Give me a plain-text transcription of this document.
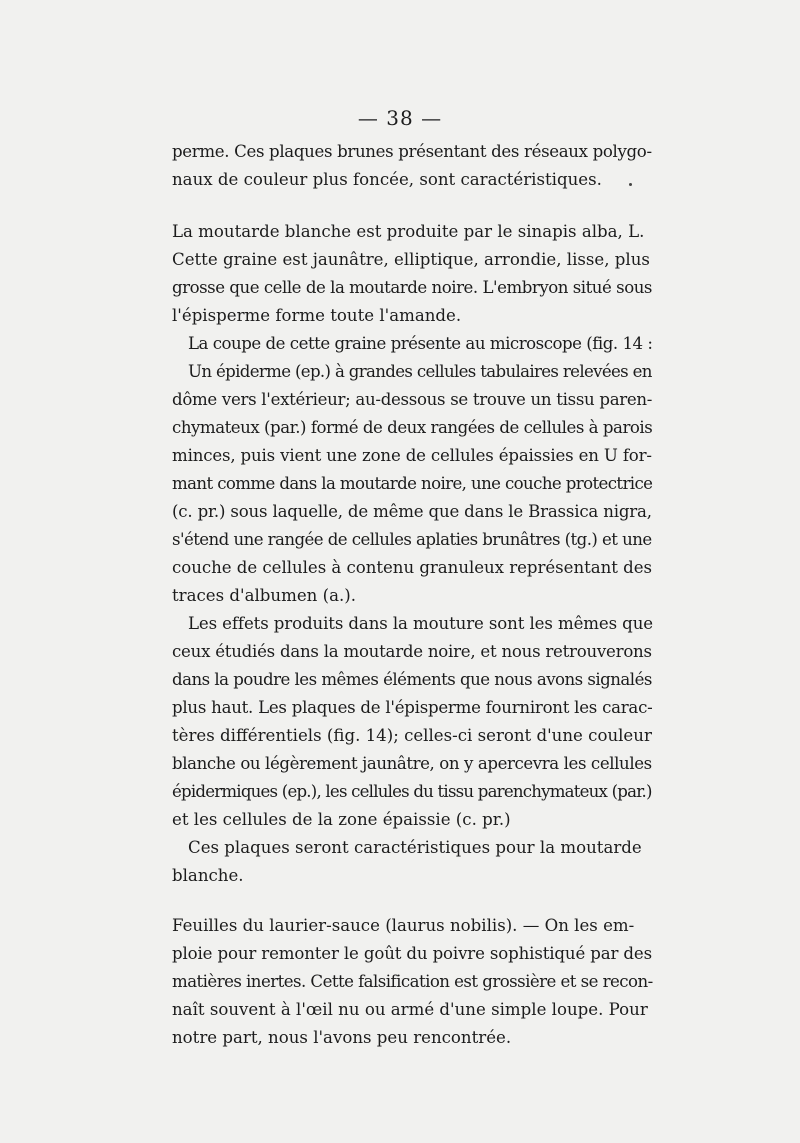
— 38 —
perme. Ces plaques brunes présentant des réseaux polygo-
naux de couleur plus foncée, sont caractéristiques.
La moutarde blanche est produite par le sinapis alba, L.
Cette graine est jaunâtre, elliptique, arrondie, lisse, plus
grosse que celle de la moutarde noire. L'embryon situé sous
l'épisperme forme toute l'amande.
La coupe de cette graine présente au microscope (fig. 14 :
Un épiderme (ep.) à grandes cellules tabulaires relevées en
dôme vers l'extérieur; au-dessous se trouve un tissu paren-
chymateux (par.) formé de deux rangées de cellules à parois
minces, puis vient une zone de cellules épaissies en U for-
mant comme dans la moutarde noire, une couche protectrice
(c. pr.) sous laquelle, de même que dans le Brassica nigra,
s'étend une rangée de cellules aplaties brunâtres (tg.) et une
couche de cellules à contenu granuleux représentant des
traces d'albumen (a.).
Les effets produits dans la mouture sont les mêmes que
ceux étudiés dans la moutarde noire, et nous retrouverons
dans la poudre les mêmes éléments que nous avons signalés
plus haut. Les plaques de l'épisperme fourniront les carac-
tères différentiels (fig. 14); celles-ci seront d'une couleur
blanche ou légèrement jaunâtre, on y apercevra les cellules
épidermiques (ep.), les cellules du tissu parenchymateux (par.)
et les cellules de la zone épaissie (c. pr.)
Ces plaques seront caractéristiques pour la moutarde
blanche.
Feuilles du laurier-sauce (laurus nobilis). — On les em-
ploie pour remonter le goût du poivre sophistiqué par des
matières inertes. Cette falsification est grossière et se recon-
naît souvent à l'œil nu ou armé d'une simple loupe. Pour
notre part, nous l'avons peu rencontrée.
